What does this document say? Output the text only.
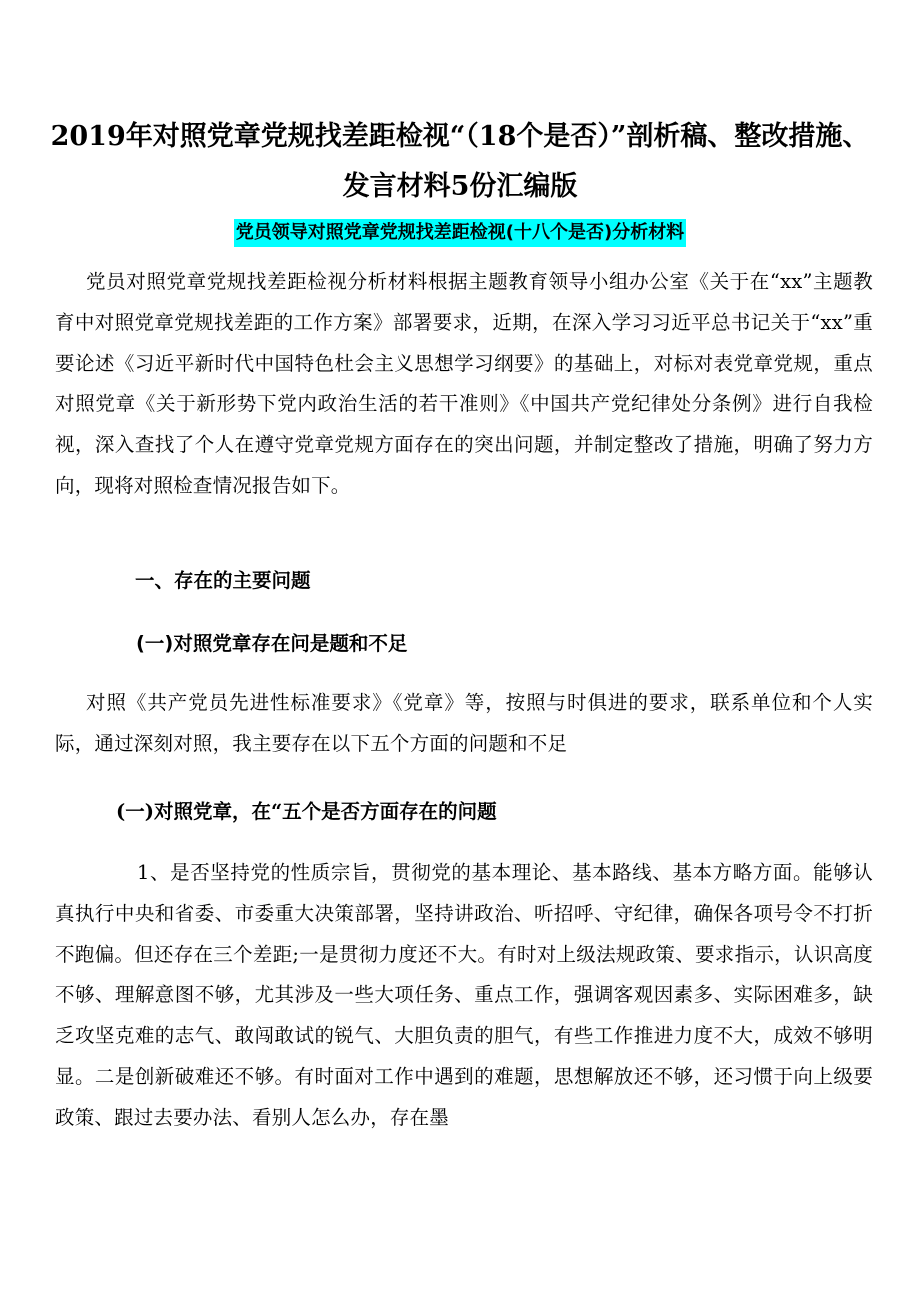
2019年对照党章党规找差距检视“（18个是否）”剖析稿、整改措施、发言材料5份汇编版
党员领导对照党章党规找差距检视(十八个是否)分析材料

党员对照党章党规找差距检视分析材料根据主题教育领导小组办公室《关于在“xx”主题教育中对照党章党规找差距的工作方案》部署要求，近期，在深入学习习近平总书记关于“xx”重要论述《习近平新时代中国特色杜会主义思想学习纲要》的基础上，对标对表党章党规，重点对照党章《关于新形势下党内政治生活的若干准则》《中国共产党纪律处分条例》进行自我检视，深入查找了个人在遵守党章党规方面存在的突出问题，并制定整改了措施，明确了努力方向，现将对照检查情况报告如下。

一、存在的主要问题
(一)对照党章存在问是题和不足

对照《共产党员先进性标准要求》《党章》等，按照与时俱进的要求，联系单位和个人实际，通过深刻对照，我主要存在以下五个方面的问题和不足

(一)对照党章，在“五个是否方面存在的问题

1、是否坚持党的性质宗旨，贯彻党的基本理论、基本路线、基本方略方面。能够认真执行中央和省委、市委重大决策部署，坚持讲政治、听招呼、守纪律，确保各项号令不打折不跑偏。但还存在三个差距;一是贯彻力度还不大。有时对上级法规政策、要求指示，认识高度不够、理解意图不够，尤其涉及一些大项任务、重点工作，强调客观因素多、实际困难多，缺乏攻坚克难的志气、敢闯敢试的锐气、大胆负责的胆气，有些工作推进力度不大，成效不够明显。二是创新破难还不够。有时面对工作中遇到的难题，思想解放还不够，还习惯于向上级要政策、跟过去要办法、看别人怎么办，存在墨
